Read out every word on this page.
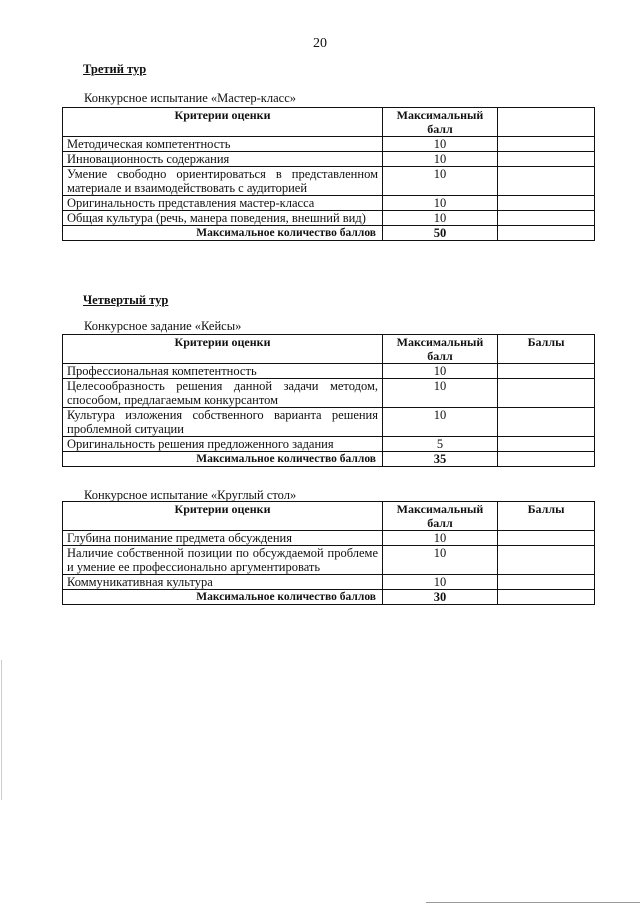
20
Третий тур
Конкурсное испытание «Мастер-класс»
Критерии оценки	Максимальный балл	
Методическая компетентность	10	
Инновационность содержания	10	
Умение свободно ориентироваться в представленном материале и взаимодействовать с аудиторией	10	
Оригинальность представления мастер-класса	10	
Общая культура (речь, манера поведения, внешний вид)	10	
Максимальное количество баллов	50	
Четвертый тур
Конкурсное задание «Кейсы»
Критерии оценки	Максимальный балл	Баллы
Профессиональная компетентность	10	
Целесообразность решения данной задачи методом, способом, предлагаемым конкурсантом	10	
Культура изложения собственного варианта решения проблемной ситуации	10	
Оригинальность решения предложенного задания	5	
Максимальное количество баллов	35	
Конкурсное испытание «Круглый стол»
Критерии оценки	Максимальный балл	Баллы
Глубина понимание предмета обсуждения	10	
Наличие собственной позиции по обсуждаемой проблеме и умение ее профессионально аргументировать	10	
Коммуникативная культура	10	
Максимальное количество баллов	30	
